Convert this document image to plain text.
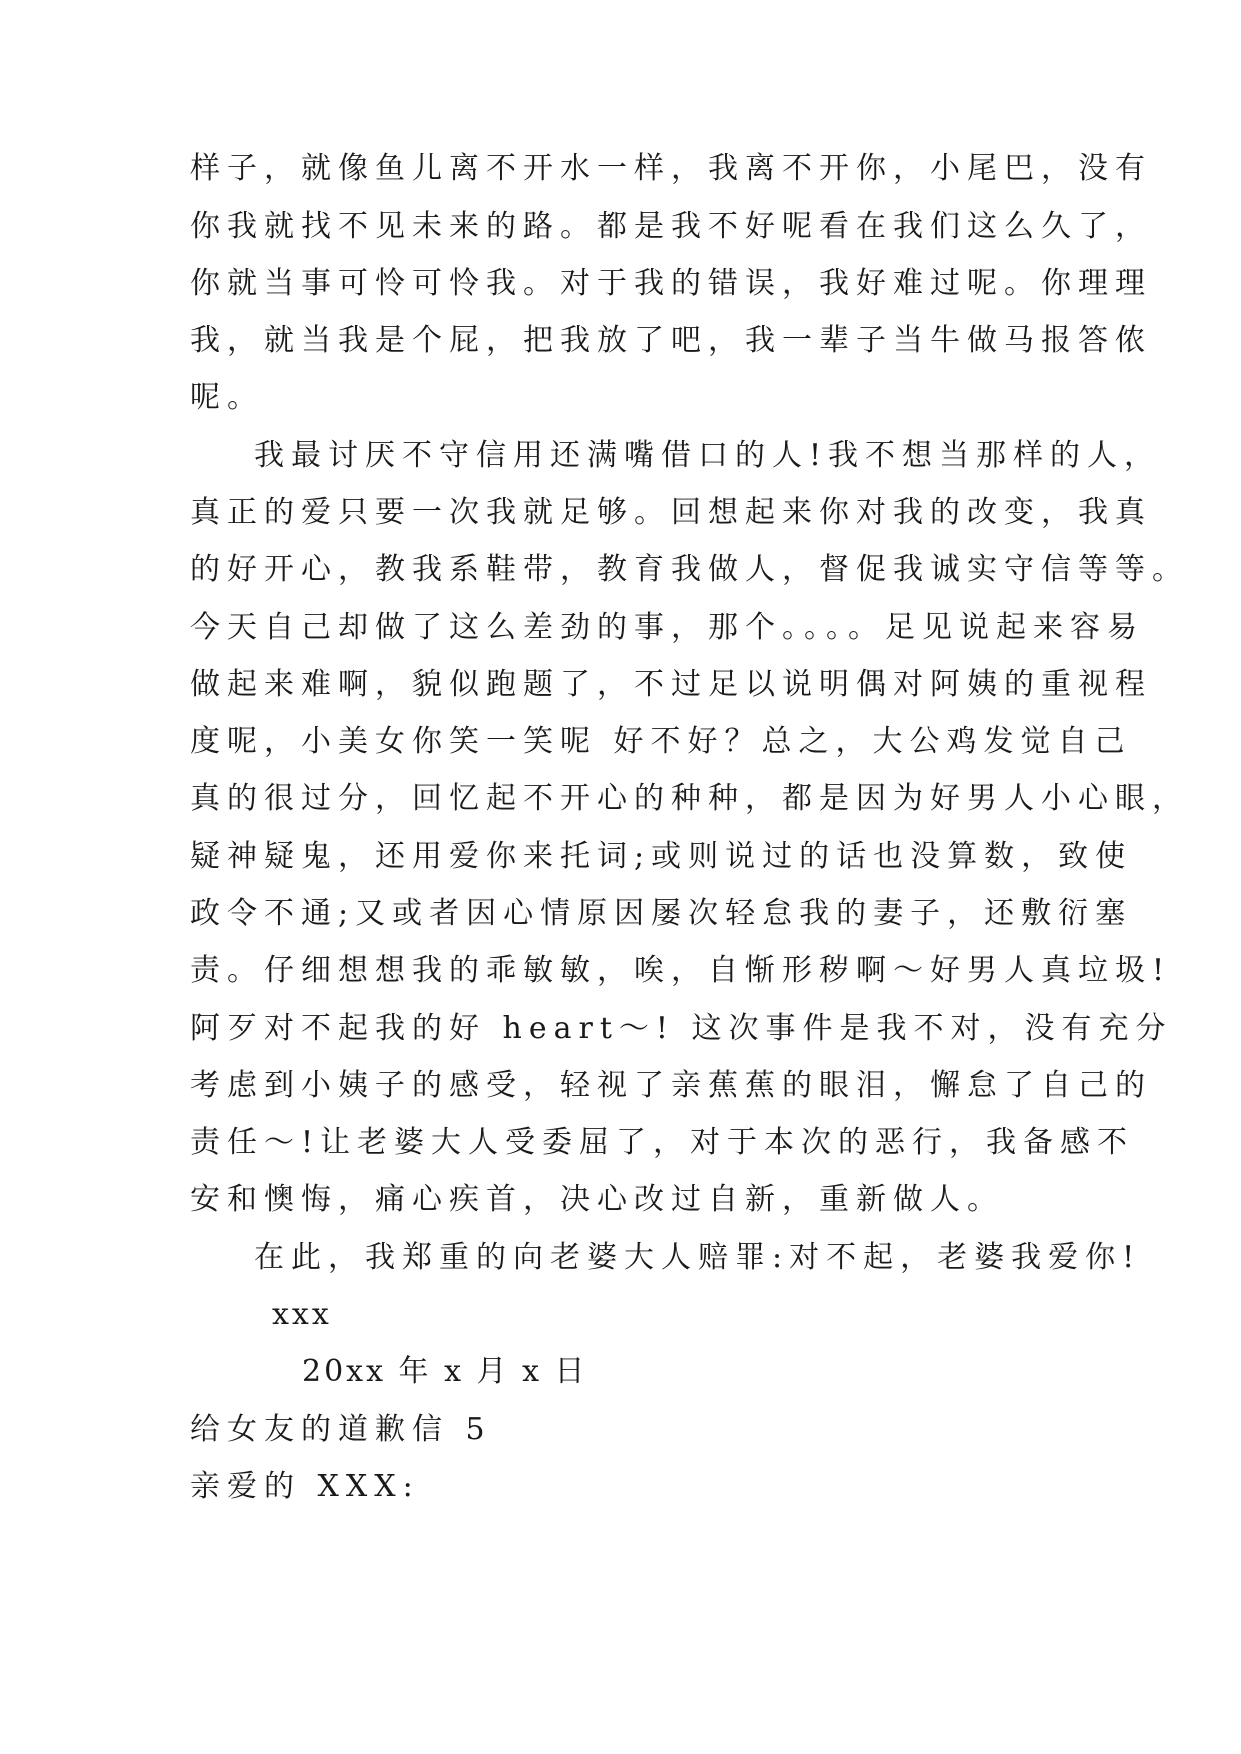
样子，就像鱼儿离不开水一样，我离不开你，小尾巴，没有
你我就找不见未来的路。都是我不好呢看在我们这么久了，
你就当事可怜可怜我。对于我的错误，我好难过呢。你理理
我，就当我是个屁，把我放了吧，我一辈子当牛做马报答侬
呢。
我最讨厌不守信用还满嘴借口的人!我不想当那样的人，
真正的爱只要一次我就足够。回想起来你对我的改变，我真
的好开心，教我系鞋带，教育我做人，督促我诚实守信等等。
今天自己却做了这么差劲的事，那个。。。。足见说起来容易
做起来难啊，貌似跑题了，不过足以说明偶对阿姨的重视程
度呢，小美女你笑一笑呢 好不好？总之，大公鸡发觉自己
真的很过分，回忆起不开心的种种，都是因为好男人小心眼，
疑神疑鬼，还用爱你来托词;或则说过的话也没算数，致使
政令不通;又或者因心情原因屡次轻怠我的妻子，还敷衍塞
责。仔细想想我的乖敏敏，唉，自惭形秽啊～好男人真垃圾!
阿歹对不起我的好 heart～! 这次事件是我不对，没有充分
考虑到小姨子的感受，轻视了亲蕉蕉的眼泪，懈怠了自己的
责任～!让老婆大人受委屈了，对于本次的恶行，我备感不
安和懊悔，痛心疾首，决心改过自新，重新做人。
在此，我郑重的向老婆大人赔罪:对不起，老婆我爱你!
xxx
20xx 年 x 月 x 日
给女友的道歉信 5
亲爱的 XXX:
